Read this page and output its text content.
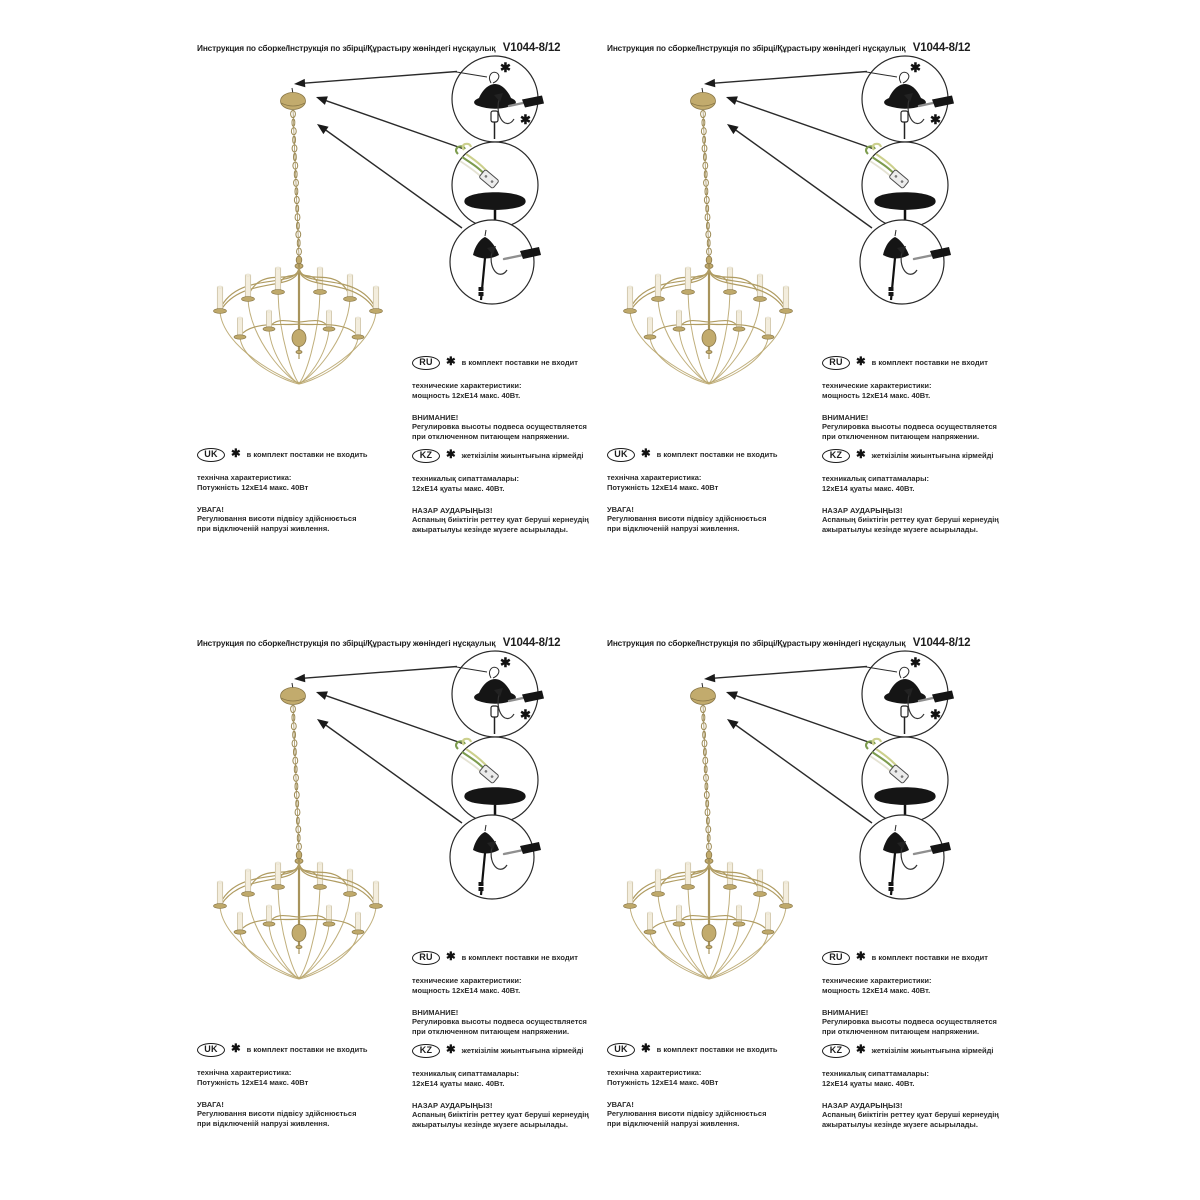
Инструкция по сборке/Інструкція по збірці/Құрастыру жөніндегі нұсқаулық V1044-8/12
✱
✱
RU	✱ в комплект поставки не входит
технические характеристики:
мощность 12хЕ14 макс. 40Вт.
ВНИМАНИЕ!
Регулировка высоты подвеса осуществляется
при отключенном питающем напряжении.
UK	✱ в комплект поставки не входить
технічна характеристика:
Потужність 12хЕ14 макс. 40Вт
УВАГА!
Регулювання висоти підвісу здійснюється
при відключеній напрузі живлення.
KZ	✱ жеткізілім жиынтығына кірмейді
техникалық сипаттамалары:
12хЕ14 қуаты макс. 40Вт.
НАЗАР АУДАРЫҢЫЗ!
Аспаның биіктігін реттеу қуат беруші кернеудің
ажыратылуы кезінде жүзеге асырылады.
Инструкция по сборке/Інструкція по збірці/Құрастыру жөніндегі нұсқаулық V1044-8/12
✱
✱
RU	✱ в комплект поставки не входит
технические характеристики:
мощность 12хЕ14 макс. 40Вт.
ВНИМАНИЕ!
Регулировка высоты подвеса осуществляется
при отключенном питающем напряжении.
UK	✱ в комплект поставки не входить
технічна характеристика:
Потужність 12хЕ14 макс. 40Вт
УВАГА!
Регулювання висоти підвісу здійснюється
при відключеній напрузі живлення.
KZ	✱ жеткізілім жиынтығына кірмейді
техникалық сипаттамалары:
12хЕ14 қуаты макс. 40Вт.
НАЗАР АУДАРЫҢЫЗ!
Аспаның биіктігін реттеу қуат беруші кернеудің
ажыратылуы кезінде жүзеге асырылады.
Инструкция по сборке/Інструкція по збірці/Құрастыру жөніндегі нұсқаулық V1044-8/12
✱
✱
RU	✱ в комплект поставки не входит
технические характеристики:
мощность 12хЕ14 макс. 40Вт.
ВНИМАНИЕ!
Регулировка высоты подвеса осуществляется
при отключенном питающем напряжении.
UK	✱ в комплект поставки не входить
технічна характеристика:
Потужність 12хЕ14 макс. 40Вт
УВАГА!
Регулювання висоти підвісу здійснюється
при відключеній напрузі живлення.
KZ	✱ жеткізілім жиынтығына кірмейді
техникалық сипаттамалары:
12хЕ14 қуаты макс. 40Вт.
НАЗАР АУДАРЫҢЫЗ!
Аспаның биіктігін реттеу қуат беруші кернеудің
ажыратылуы кезінде жүзеге асырылады.
Инструкция по сборке/Інструкція по збірці/Құрастыру жөніндегі нұсқаулық V1044-8/12
✱
✱
RU	✱ в комплект поставки не входит
технические характеристики:
мощность 12хЕ14 макс. 40Вт.
ВНИМАНИЕ!
Регулировка высоты подвеса осуществляется
при отключенном питающем напряжении.
UK	✱ в комплект поставки не входить
технічна характеристика:
Потужність 12хЕ14 макс. 40Вт
УВАГА!
Регулювання висоти підвісу здійснюється
при відключеній напрузі живлення.
KZ	✱ жеткізілім жиынтығына кірмейді
техникалық сипаттамалары:
12хЕ14 қуаты макс. 40Вт.
НАЗАР АУДАРЫҢЫЗ!
Аспаның биіктігін реттеу қуат беруші кернеудің
ажыратылуы кезінде жүзеге асырылады.
